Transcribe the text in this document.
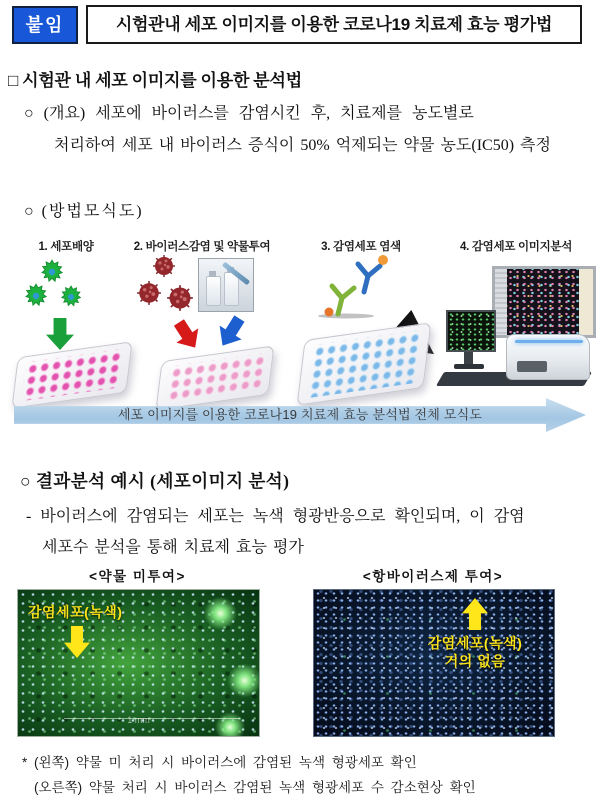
붙임	시험관내 세포 이미지를 이용한 코로나19 치료제 효능 평가법
□ 시험관 내 세포 이미지를 이용한 분석법
○ (개요) 세포에 바이러스를 감염시킨 후, 치료제를 농도별로
처리하여 세포 내 바이러스 증식이 50% 억제되는 약물 농도(IC50) 측정
○ (방법모식도)
1. 세포배양	2. 바이러스감염 및 약물투여	3. 감염세포 염색	4. 감염세포 이미지분석
세포 이미지를 이용한 코로나19 치료제 효능 분석법 전체 모식도
○ 결과분석 예시 (세포이미지 분석)
- 바이러스에 감염되는 세포는 녹색 형광반응으로 확인되며, 이 감염
세포수 분석을 통해 치료제 효능 평가
<약물 미투여>	<항바이러스제 투여>
감염세포(녹색)
1 mm
감염세포(녹색)
거의 없음
* (왼쪽) 약물 미 처리 시 바이러스에 감염된 녹색 형광세포 확인
(오른쪽) 약물 처리 시 바이러스 감염된 녹색 형광세포 수 감소현상 확인
